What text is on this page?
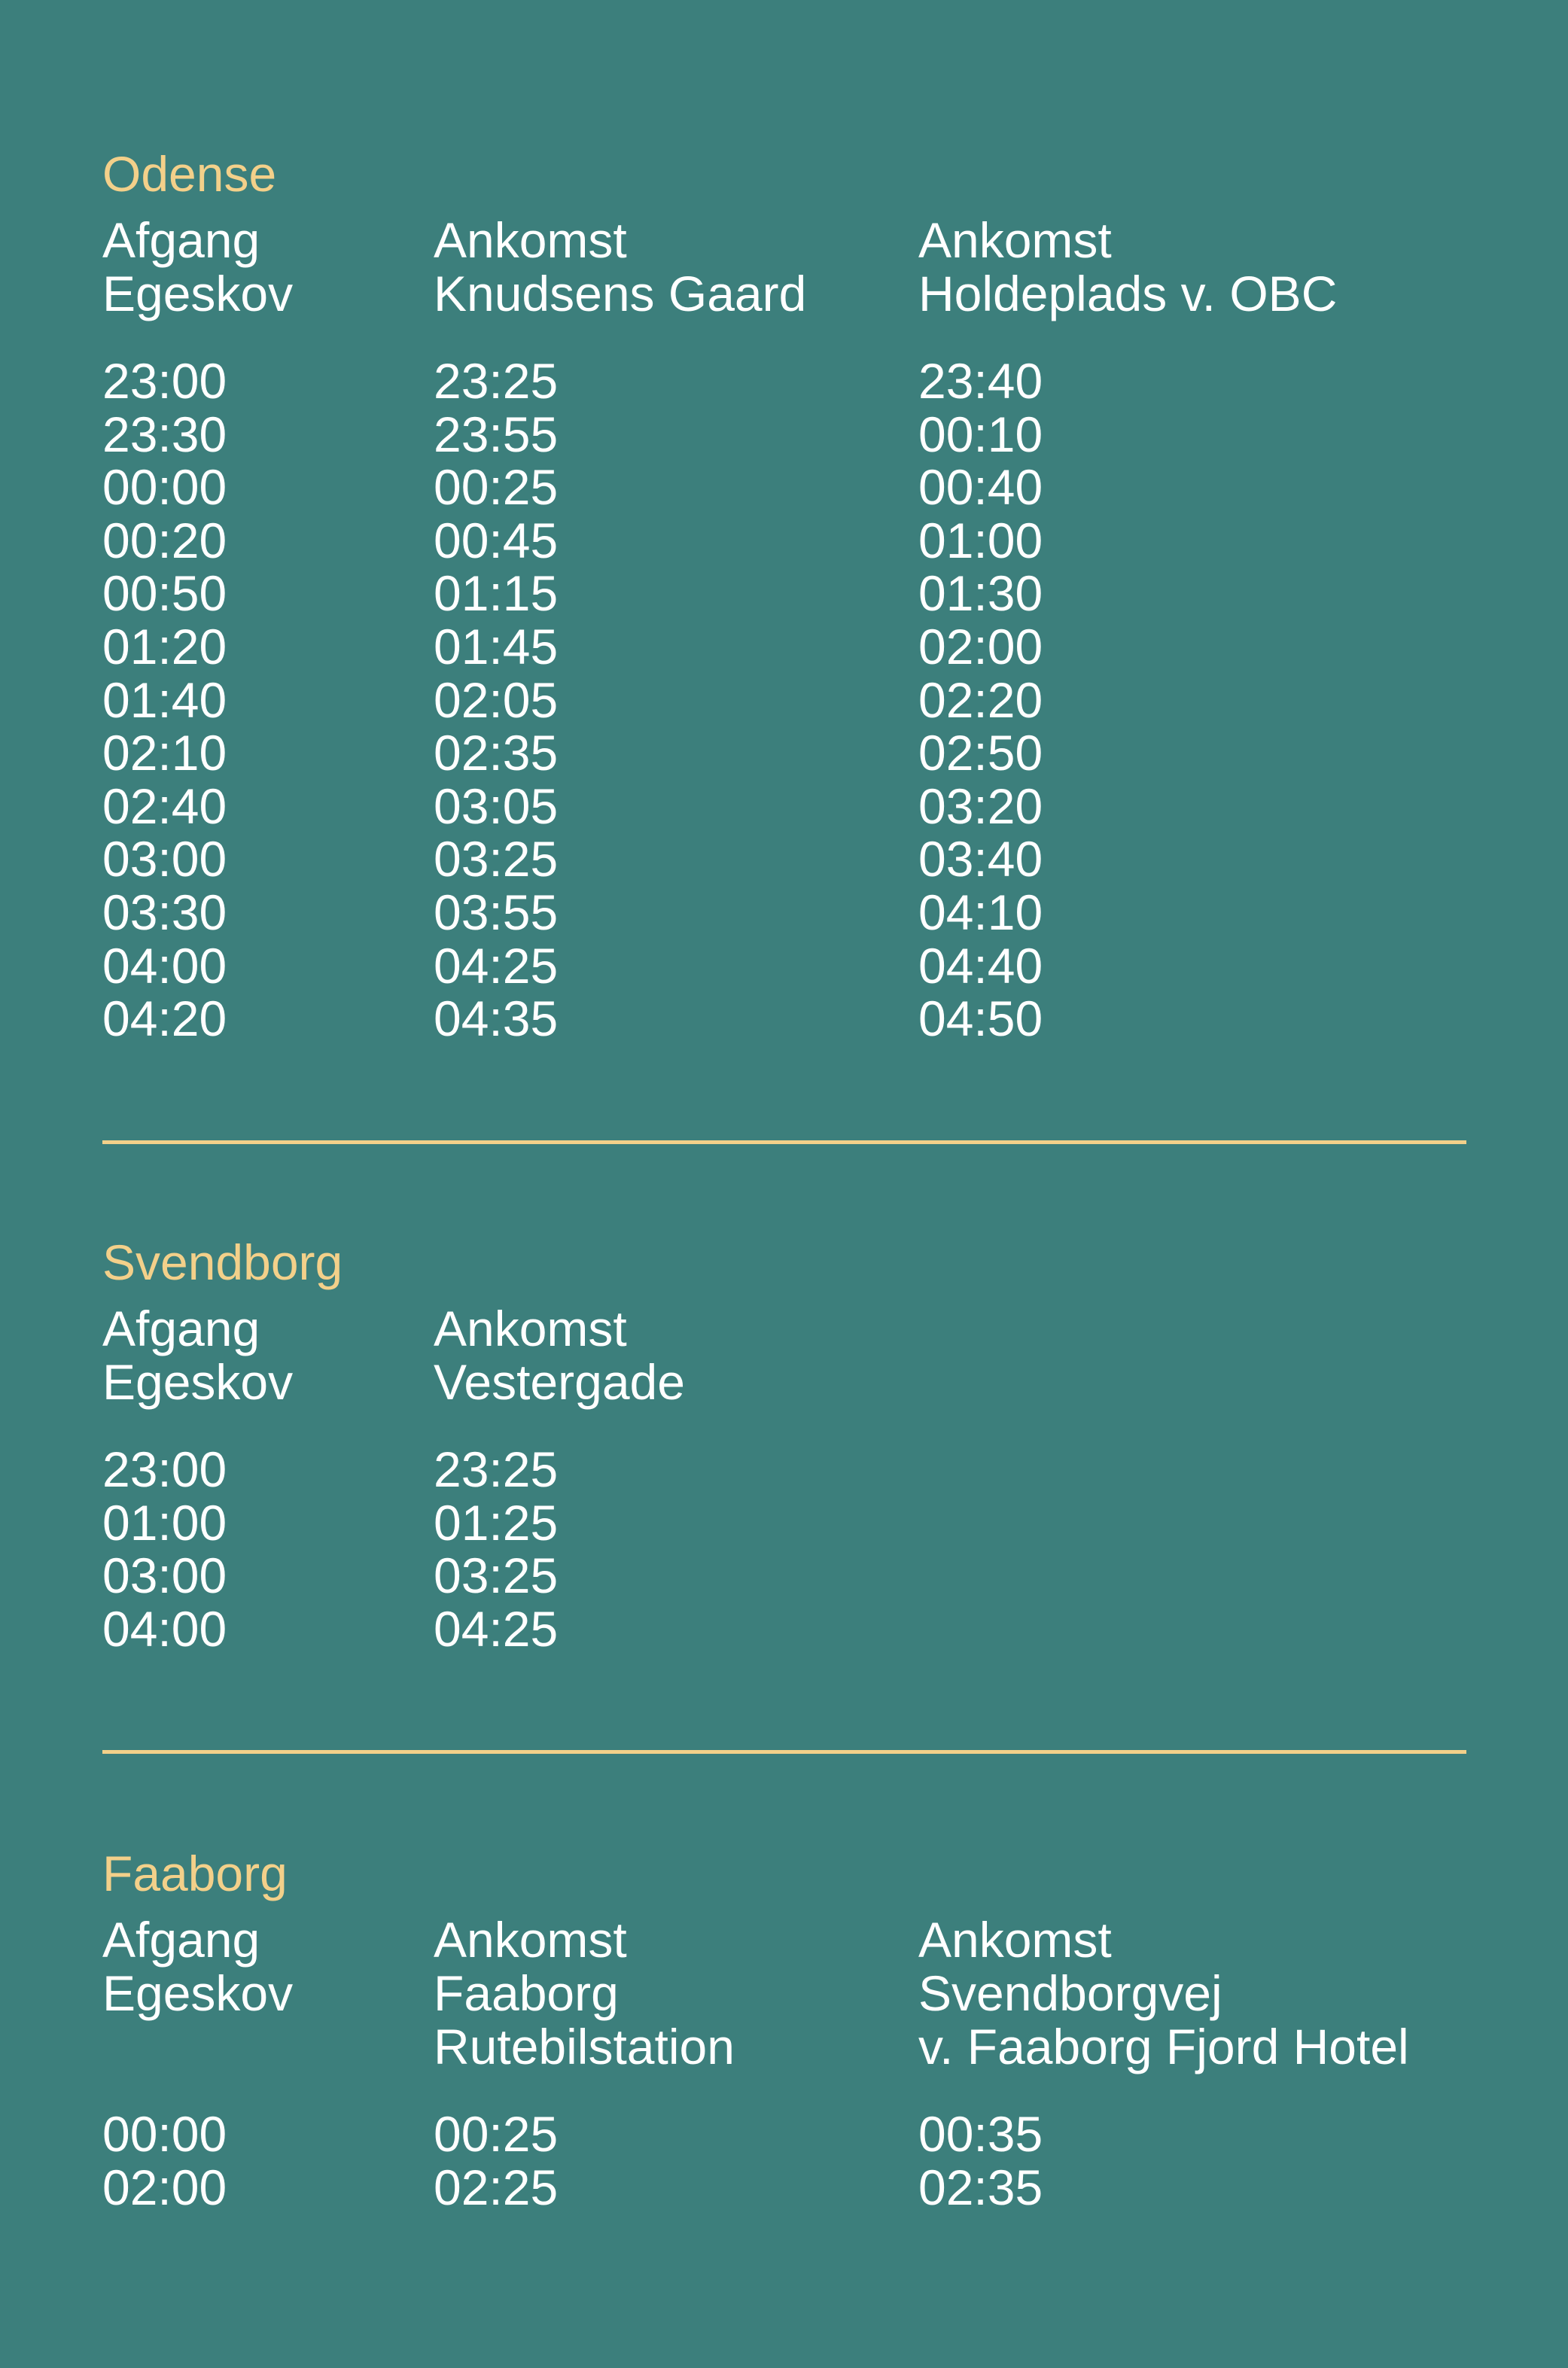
Odense
Afgang
Egeskov
23:00
23:30
00:00
00:20
00:50
01:20
01:40
02:10
02:40
03:00
03:30
04:00
04:20
Ankomst
Knudsens Gaard
23:25
23:55
00:25
00:45
01:15
01:45
02:05
02:35
03:05
03:25
03:55
04:25
04:35
Ankomst
Holdeplads v. OBC
23:40
00:10
00:40
01:00
01:30
02:00
02:20
02:50
03:20
03:40
04:10
04:40
04:50
Svendborg
Afgang
Egeskov
23:00
01:00
03:00
04:00
Ankomst
Vestergade
23:25
01:25
03:25
04:25
Faaborg
Afgang
Egeskov

00:00
02:00
Ankomst
Faaborg
Rutebilstation
00:25
02:25
Ankomst
Svendborgvej
v. Faaborg Fjord Hotel
00:35
02:35
